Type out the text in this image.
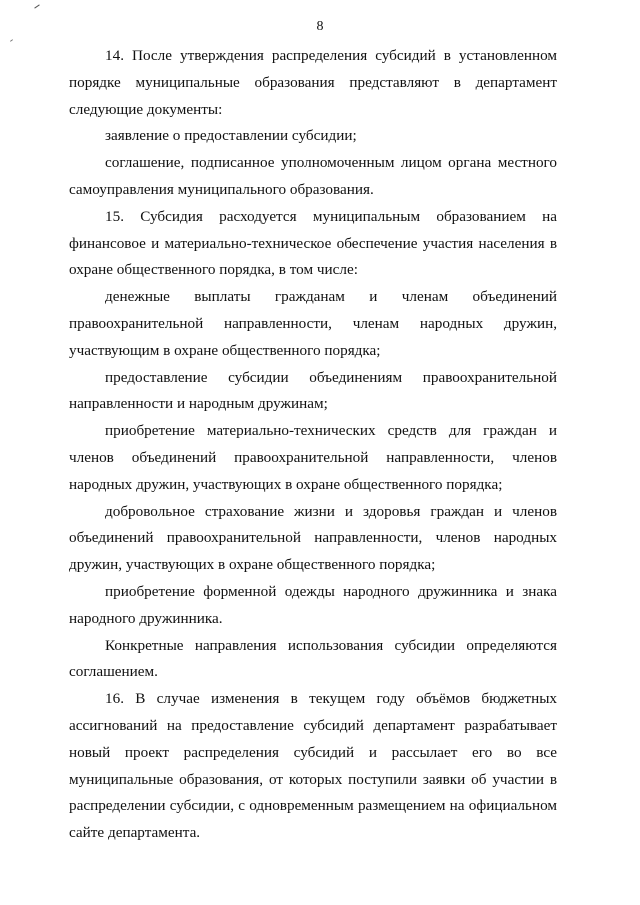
8

14. После утверждения распределения субсидий в установленном порядке муниципальные образования представляют в департамент следующие документы:

заявление о предоставлении субсидии;

соглашение, подписанное уполномоченным лицом органа местного самоуправления муниципального образования.

15. Субсидия расходуется муниципальным образованием на финансовое и материально-техническое обеспечение участия населения в охране общественного порядка, в том числе:

денежные выплаты гражданам и членам объединений правоохранительной направленности, членам народных дружин, участвующим в охране общественного порядка;

предоставление субсидии объединениям правоохранительной направленности и народным дружинам;

приобретение материально-технических средств для граждан и членов объединений правоохранительной направленности, членов народных дружин, участвующих в охране общественного порядка;

добровольное страхование жизни и здоровья граждан и членов объединений правоохранительной направленности, членов народных дружин, участвующих в охране общественного порядка;

приобретение форменной одежды народного дружинника и знака народного дружинника.

Конкретные направления использования субсидии определяются соглашением.

16. В случае изменения в текущем году объёмов бюджетных ассигнований на предоставление субсидий департамент разрабатывает новый проект распределения субсидий и рассылает его во все муниципальные образования, от которых поступили заявки об участии в распределении субсидии, с одновременным размещением на официальном сайте департамента.
